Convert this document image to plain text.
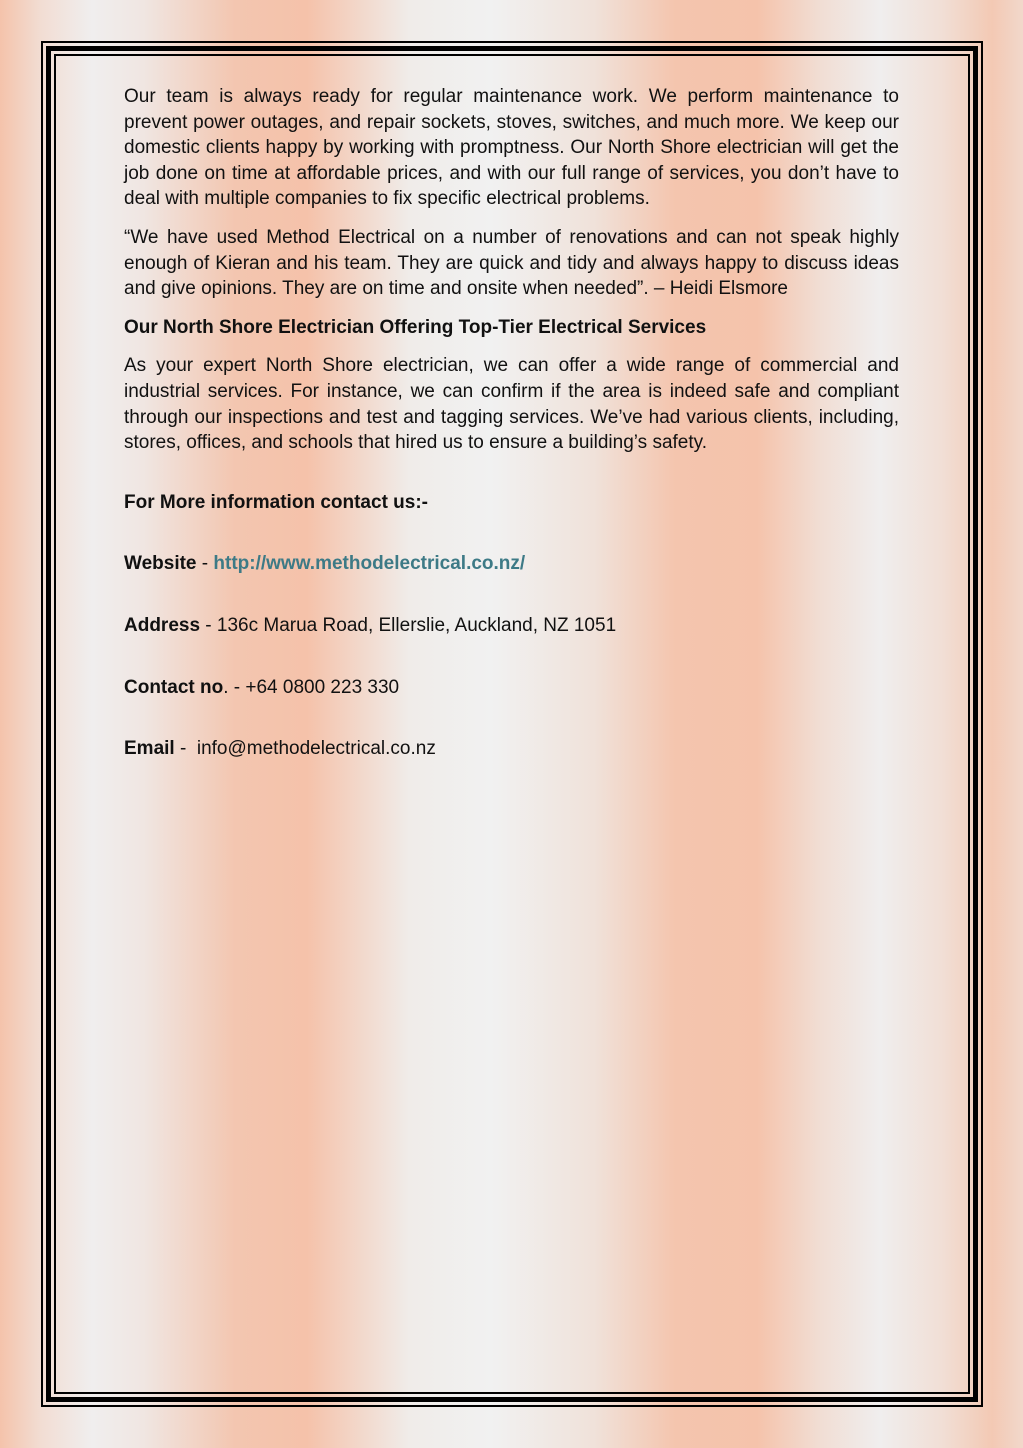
Our team is always ready for regular maintenance work. We perform maintenance to prevent power outages, and repair sockets, stoves, switches, and much more. We keep our domestic clients happy by working with promptness. Our North Shore electrician will get the job done on time at affordable prices, and with our full range of services, you don’t have to deal with multiple companies to fix specific electrical problems.

“We have used Method Electrical on a number of renovations and can not speak highly enough of Kieran and his team. They are quick and tidy and always happy to discuss ideas and give opinions. They are on time and onsite when needed”. – Heidi Elsmore

Our North Shore Electrician Offering Top-Tier Electrical Services

As your expert North Shore electrician, we can offer a wide range of commercial and industrial services. For instance, we can confirm if the area is indeed safe and compliant through our inspections and test and tagging services. We’ve had various clients, including, stores, offices, and schools that hired us to ensure a building’s safety.

For More information contact us:-

Website - http://www.methodelectrical.co.nz/

Address - 136c Marua Road, Ellerslie, Auckland, NZ 1051

Contact no. - +64 0800 223 330

Email -  info@methodelectrical.co.nz
